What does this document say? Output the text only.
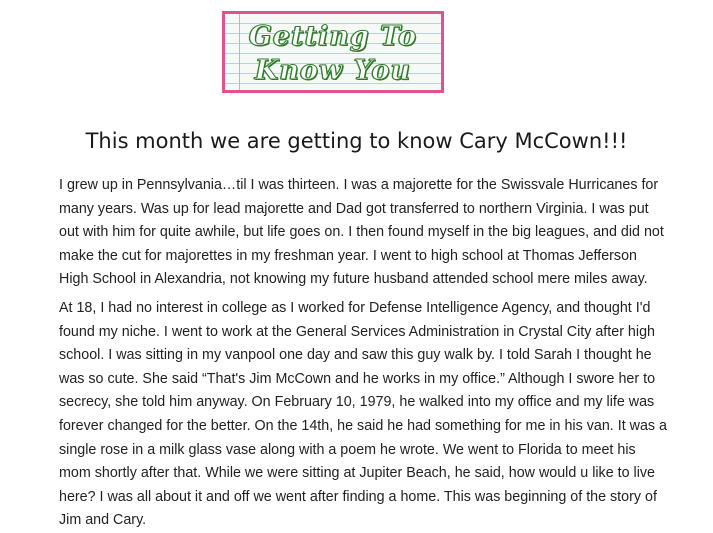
Getting To
Know You
This month we are getting to know Cary McCown!!!

I grew up in Pennsylvania…til I was thirteen. I was a majorette for the Swissvale Hurricanes for
many years. Was up for lead majorette and Dad got transferred to northern Virginia. I was put
out with him for quite awhile, but life goes on. I then found myself in the big leagues, and did not
make the cut for majorettes in my freshman year. I went to high school at Thomas Jefferson
High School in Alexandria, not knowing my future husband attended school mere miles away.

At 18, I had no interest in college as I worked for Defense Intelligence Agency, and thought I'd
found my niche. I went to work at the General Services Administration in Crystal City after high
school. I was sitting in my vanpool one day and saw this guy walk by. I told Sarah I thought he
was so cute. She said “That's Jim McCown and he works in my office.” Although I swore her to
secrecy, she told him anyway. On February 10, 1979, he walked into my office and my life was
forever changed for the better. On the 14th, he said he had something for me in his van. It was a
single rose in a milk glass vase along with a poem he wrote. We went to Florida to meet his
mom shortly after that. While we were sitting at Jupiter Beach, he said, how would u like to live
here? I was all about it and off we went after finding a home. This was beginning of the story of
Jim and Cary.
